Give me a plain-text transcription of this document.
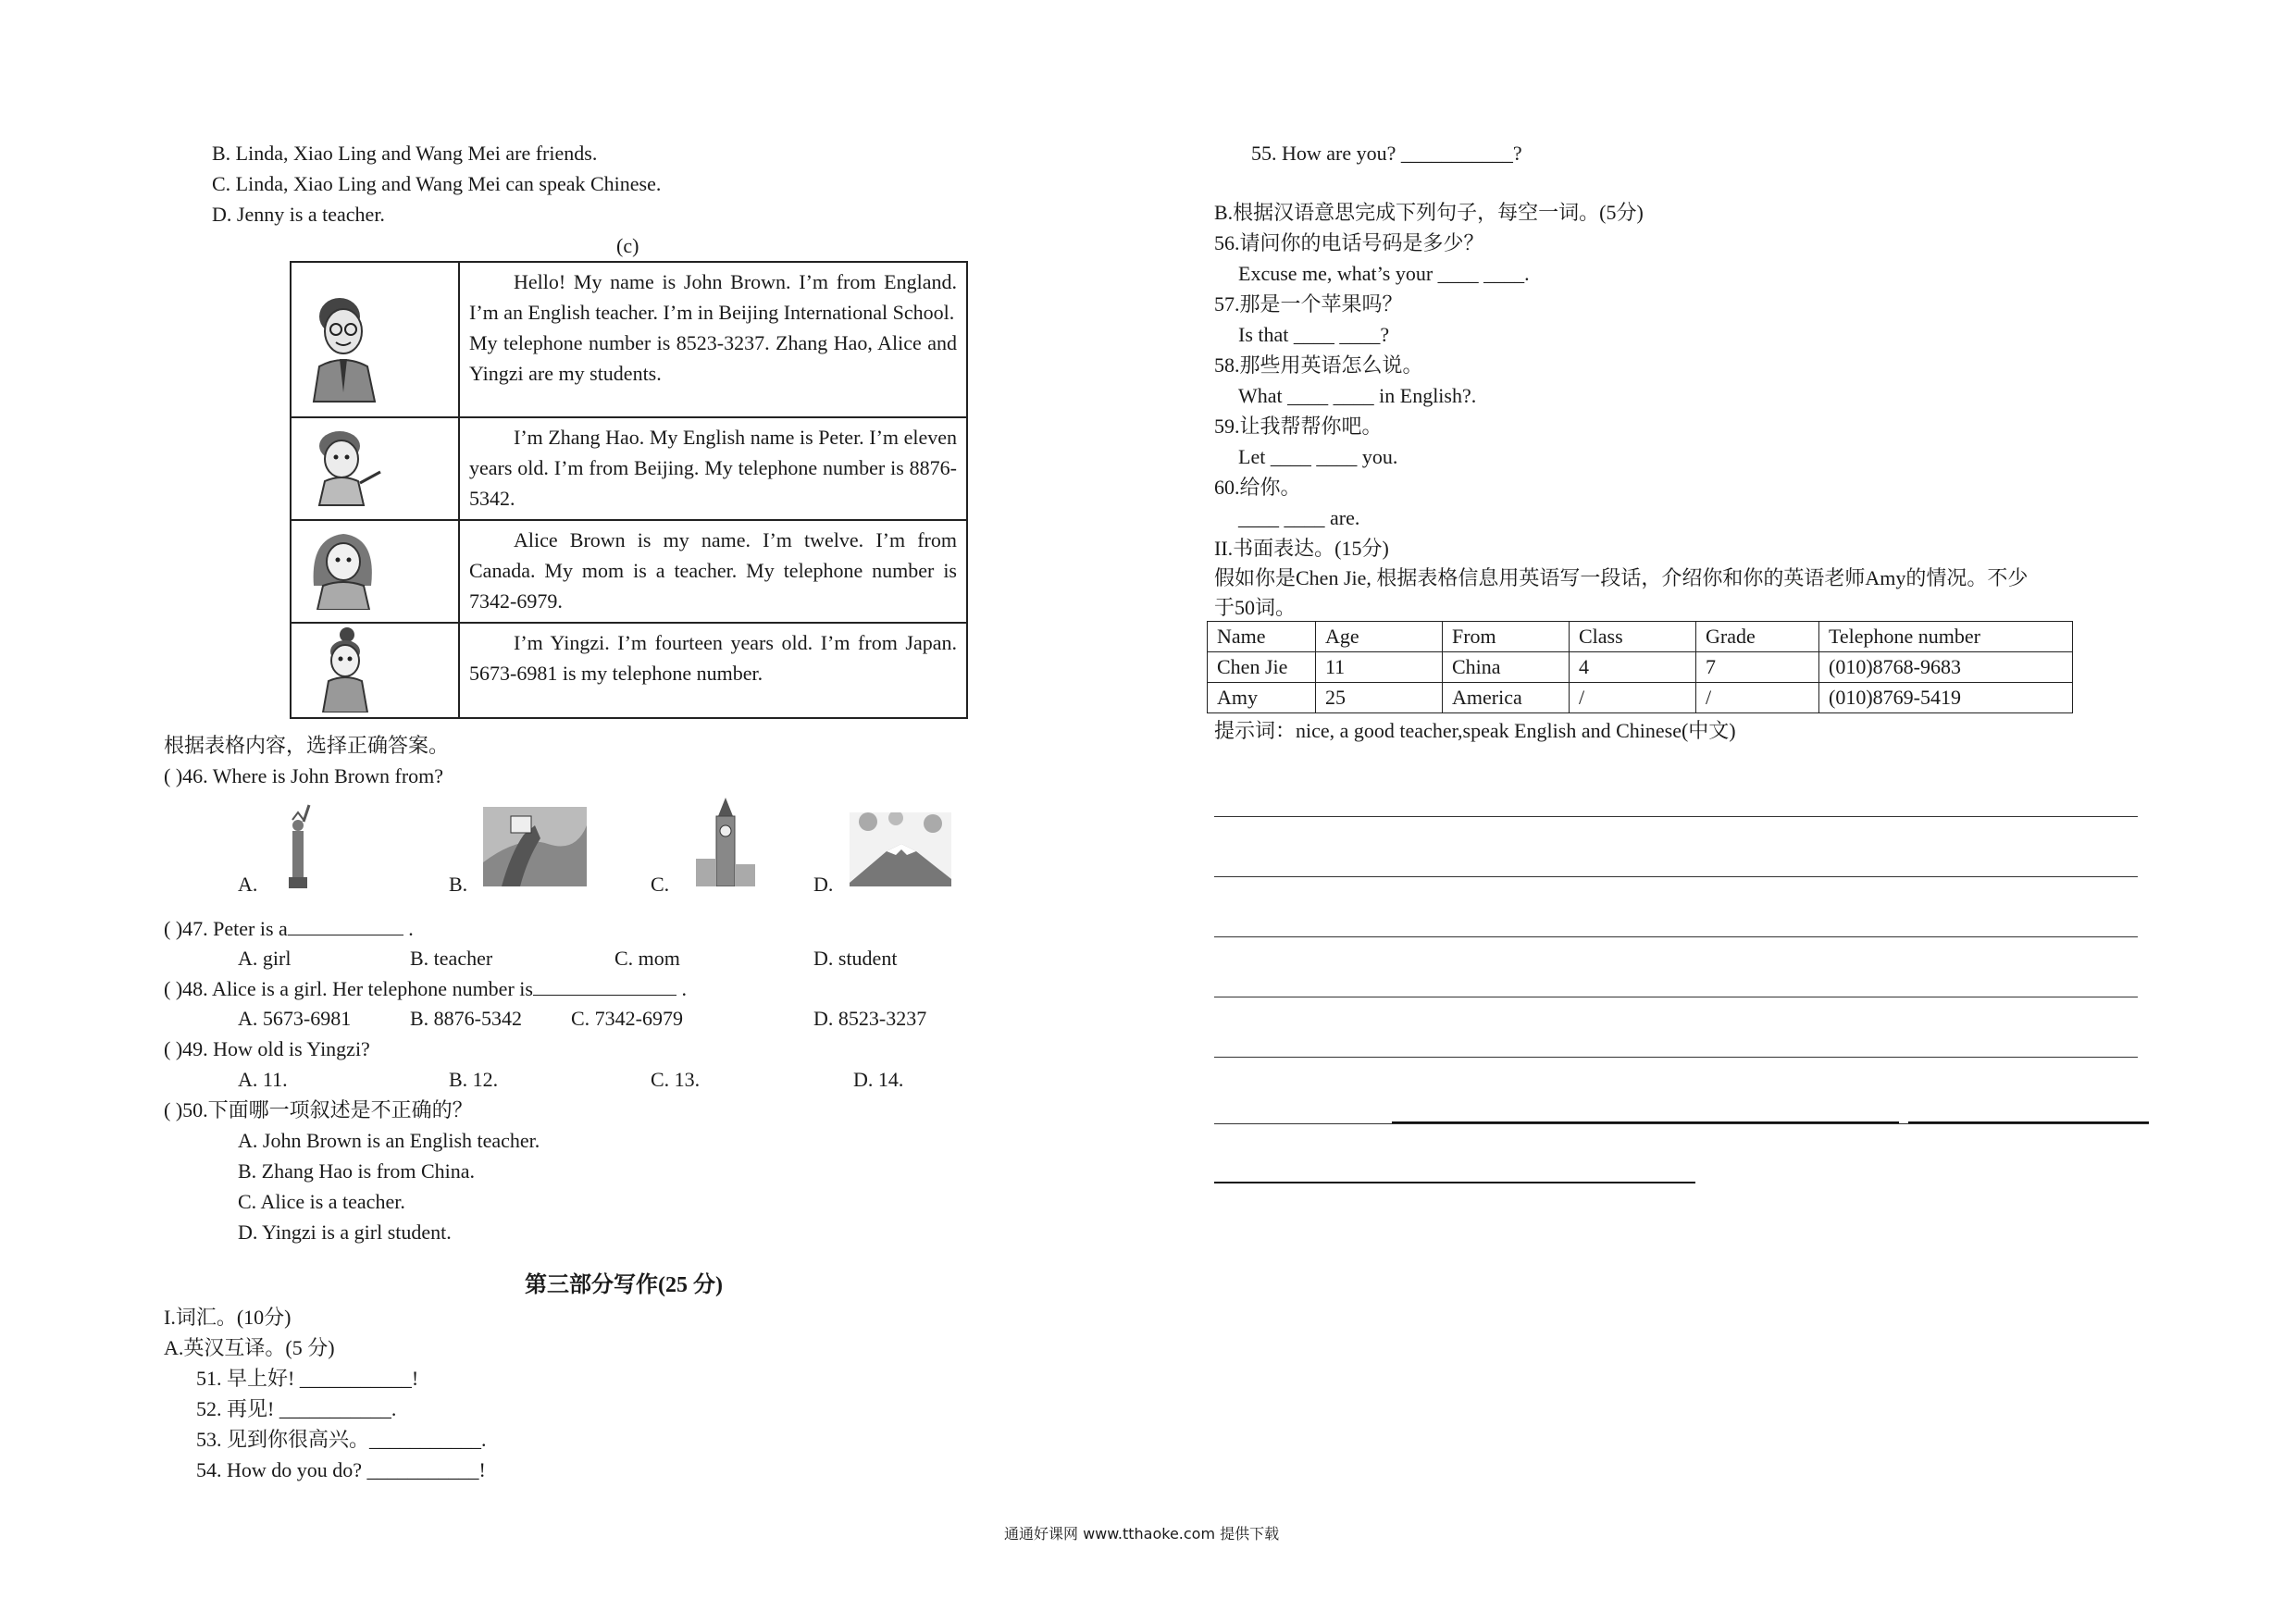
B. Linda, Xiao Ling and Wang Mei are friends.
C. Linda, Xiao Ling and Wang Mei can speak Chinese.
D. Jenny is a teacher.
(c)

Hello! My name is John Brown. I’m from England. I’m an English teacher. I’m in Beijing International School.

My telephone number is 8523-3237. Zhang Hao, Alice and Yingzi are my students.

I’m Zhang Hao. My English name is Peter. I’m eleven years old. I’m from Beijing. My telephone number is 8876-5342.

Alice Brown is my name. I’m twelve. I’m from Canada. My mom is a teacher. My telephone number is 7342-6979.

I’m Yingzi. I’m fourteen years old. I’m from Japan. 5673-6981 is my telephone number.

根据表格内容，选择正确答案。
( )46. Where is John Brown from?
A.	B.	C.	D.
( )47. Peter is a	.
A. girl	B. teacher	C. mom	D. student
( )48. Alice is a girl. Her telephone number is	.
A. 5673-6981	B. 8876-5342 C. 7342-6979	D. 8523-3237
( )49. How old is Yingzi?
A. 11.	B. 12.	C. 13.	D. 14.
( )50.下面哪一项叙述是不正确的？
A. John Brown is an English teacher.
B. Zhang Hao is from China.
C. Alice is a teacher.
D. Yingzi is a girl student.
第三部分写作(25 分)
I.词汇。(10分)
A.英汉互译。(5 分)
51. 早上好! ___________!
52. 再见! ___________.
53. 见到你很高兴。___________.
54. How do you do? ___________!
55. How are you? ___________?
B.根据汉语意思完成下列句子，每空一词。(5分)
56.请问你的电话号码是多少？
Excuse me, what’s your ____ ____.
57.那是一个苹果吗？
Is that ____ ____?
58.那些用英语怎么说。
What ____ ____ in English?.
59.让我帮帮你吧。
Let ____ ____ you.
60.给你。
____ ____ are.
II.书面表达。(15分)
假如你是Chen Jie, 根据表格信息用英语写一段话，介绍你和你的英语老师Amy的情况。不少
于50词。
Name	Age	From	Class	Grade	Telephone number
Chen Jie	11	China	4	7	(010)8768-9683
Amy	25	America	/	/	(010)8769-5419
提示词：nice, a good teacher,speak English and Chinese(中文)
通通好课网 www.tthaoke.com 提供下载
